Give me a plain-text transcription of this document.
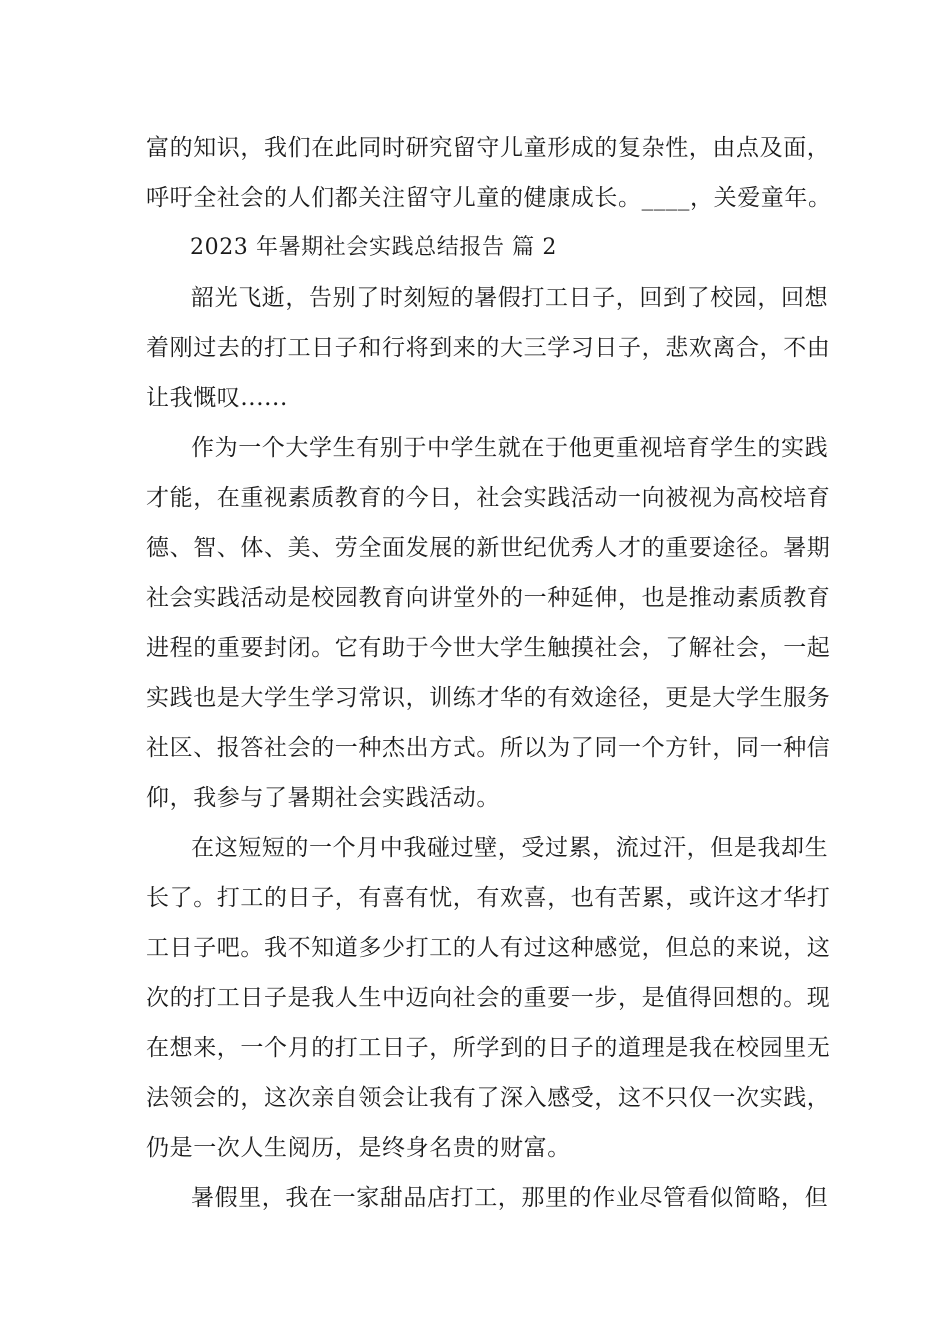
富的知识，我们在此同时研究留守儿童形成的复杂性，由点及面，
呼吁全社会的人们都关注留守儿童的健康成长。____，关爱童年。
2023 年暑期社会实践总结报告 篇 2
韶光飞逝，告别了时刻短的暑假打工日子，回到了校园，回想
着刚过去的打工日子和行将到来的大三学习日子，悲欢离合，不由
让我慨叹......
作为一个大学生有别于中学生就在于他更重视培育学生的实践
才能，在重视素质教育的今日，社会实践活动一向被视为高校培育
德、智、体、美、劳全面发展的新世纪优秀人才的重要途径。暑期
社会实践活动是校园教育向讲堂外的一种延伸，也是推动素质教育
进程的重要封闭。它有助于今世大学生触摸社会，了解社会，一起
实践也是大学生学习常识，训练才华的有效途径，更是大学生服务
社区、报答社会的一种杰出方式。所以为了同一个方针，同一种信
仰，我参与了暑期社会实践活动。
在这短短的一个月中我碰过壁，受过累，流过汗，但是我却生
长了。打工的日子，有喜有忧，有欢喜，也有苦累，或许这才华打
工日子吧。我不知道多少打工的人有过这种感觉，但总的来说，这
次的打工日子是我人生中迈向社会的重要一步，是值得回想的。现
在想来，一个月的打工日子，所学到的日子的道理是我在校园里无
法领会的，这次亲自领会让我有了深入感受，这不只仅一次实践，
仍是一次人生阅历，是终身名贵的财富。
暑假里，我在一家甜品店打工，那里的作业尽管看似简略，但
